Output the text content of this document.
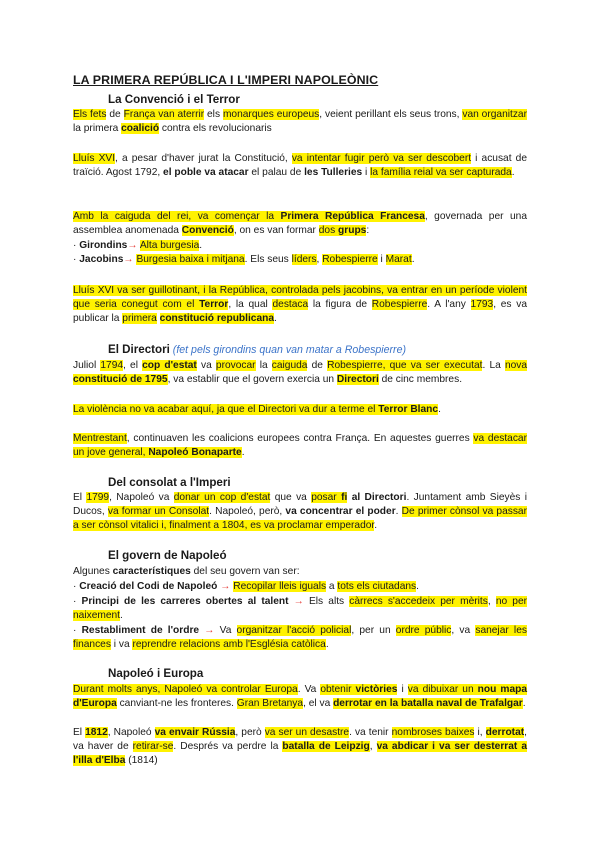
LA PRIMERA REPÚBLICA I L'IMPERI NAPOLEÒNIC
La Convenció i el Terror

Els fets de França van aterrir els monarques europeus, veient perillant els seus trons, van organitzar la primera coalició contra els revolucionaris

Lluís XVI, a pesar d'haver jurat la Constitució, va intentar fugir però va ser descobert i acusat de traïció. Agost 1792, el poble va atacar el palau de les Tulleries i la família reial va ser capturada.

Amb la caiguda del rei, va començar la Primera República Francesa, governada per una assemblea anomenada Convenció, on es van formar dos grups:

· Girondins→ Alta burgesia.

· Jacobins→ Burgesia baixa i mitjana. Els seus líders, Robespierre i Marat.

Lluís XVI va ser guillotinant, i la República, controlada pels jacobins, va entrar en un període violent que seria conegut com el Terror, la qual destaca la figura de Robespierre. A l'any 1793, es va publicar la primera constitució republicana.

El Directori (fet pels girondins quan van matar a Robespierre)

Juliol 1794, el cop d'estat va provocar la caiguda de Robespierre, que va ser executat. La nova constitució de 1795, va establir que el govern exercia un Directori de cinc membres.

La violència no va acabar aquí, ja que el Directori va dur a terme el Terror Blanc.

Mentrestant, continuaven les coalicions europees contra França. En aquestes guerres va destacar un jove general, Napoleó Bonaparte.

Del consolat a l'Imperi

El 1799, Napoleó va donar un cop d'estat que va posar fi al Directori. Juntament amb Sieyès i Ducos, va formar un Consolat. Napoleó, però, va concentrar el poder. De primer cònsol va passar a ser cònsol vitalici i, finalment a 1804, es va proclamar emperador.

El govern de Napoleó

Algunes característiques del seu govern van ser:

· Creació del Codi de Napoleó → Recopilar lleis iguals a tots els ciutadans.

· Principi de les carreres obertes al talent → Els alts càrrecs s'accedeix per mèrits, no per naixement.

· Restabliment de l'ordre → Va organitzar l'acció policial, per un ordre públic, va sanejar les finances i va reprendre relacions amb l'Església catòlica.

Napoleó i Europa

Durant molts anys, Napoleó va controlar Europa. Va obtenir victòries i va dibuixar un nou mapa d'Europa canviant-ne les fronteres. Gran Bretanya, el va derrotar en la batalla naval de Trafalgar.

El 1812, Napoleó va envair Rússia, però va ser un desastre. va tenir nombroses baixes i, derrotat, va haver de retirar-se. Després va perdre la batalla de Leipzig, va abdicar i va ser desterrat a l'illa d'Elba (1814)
